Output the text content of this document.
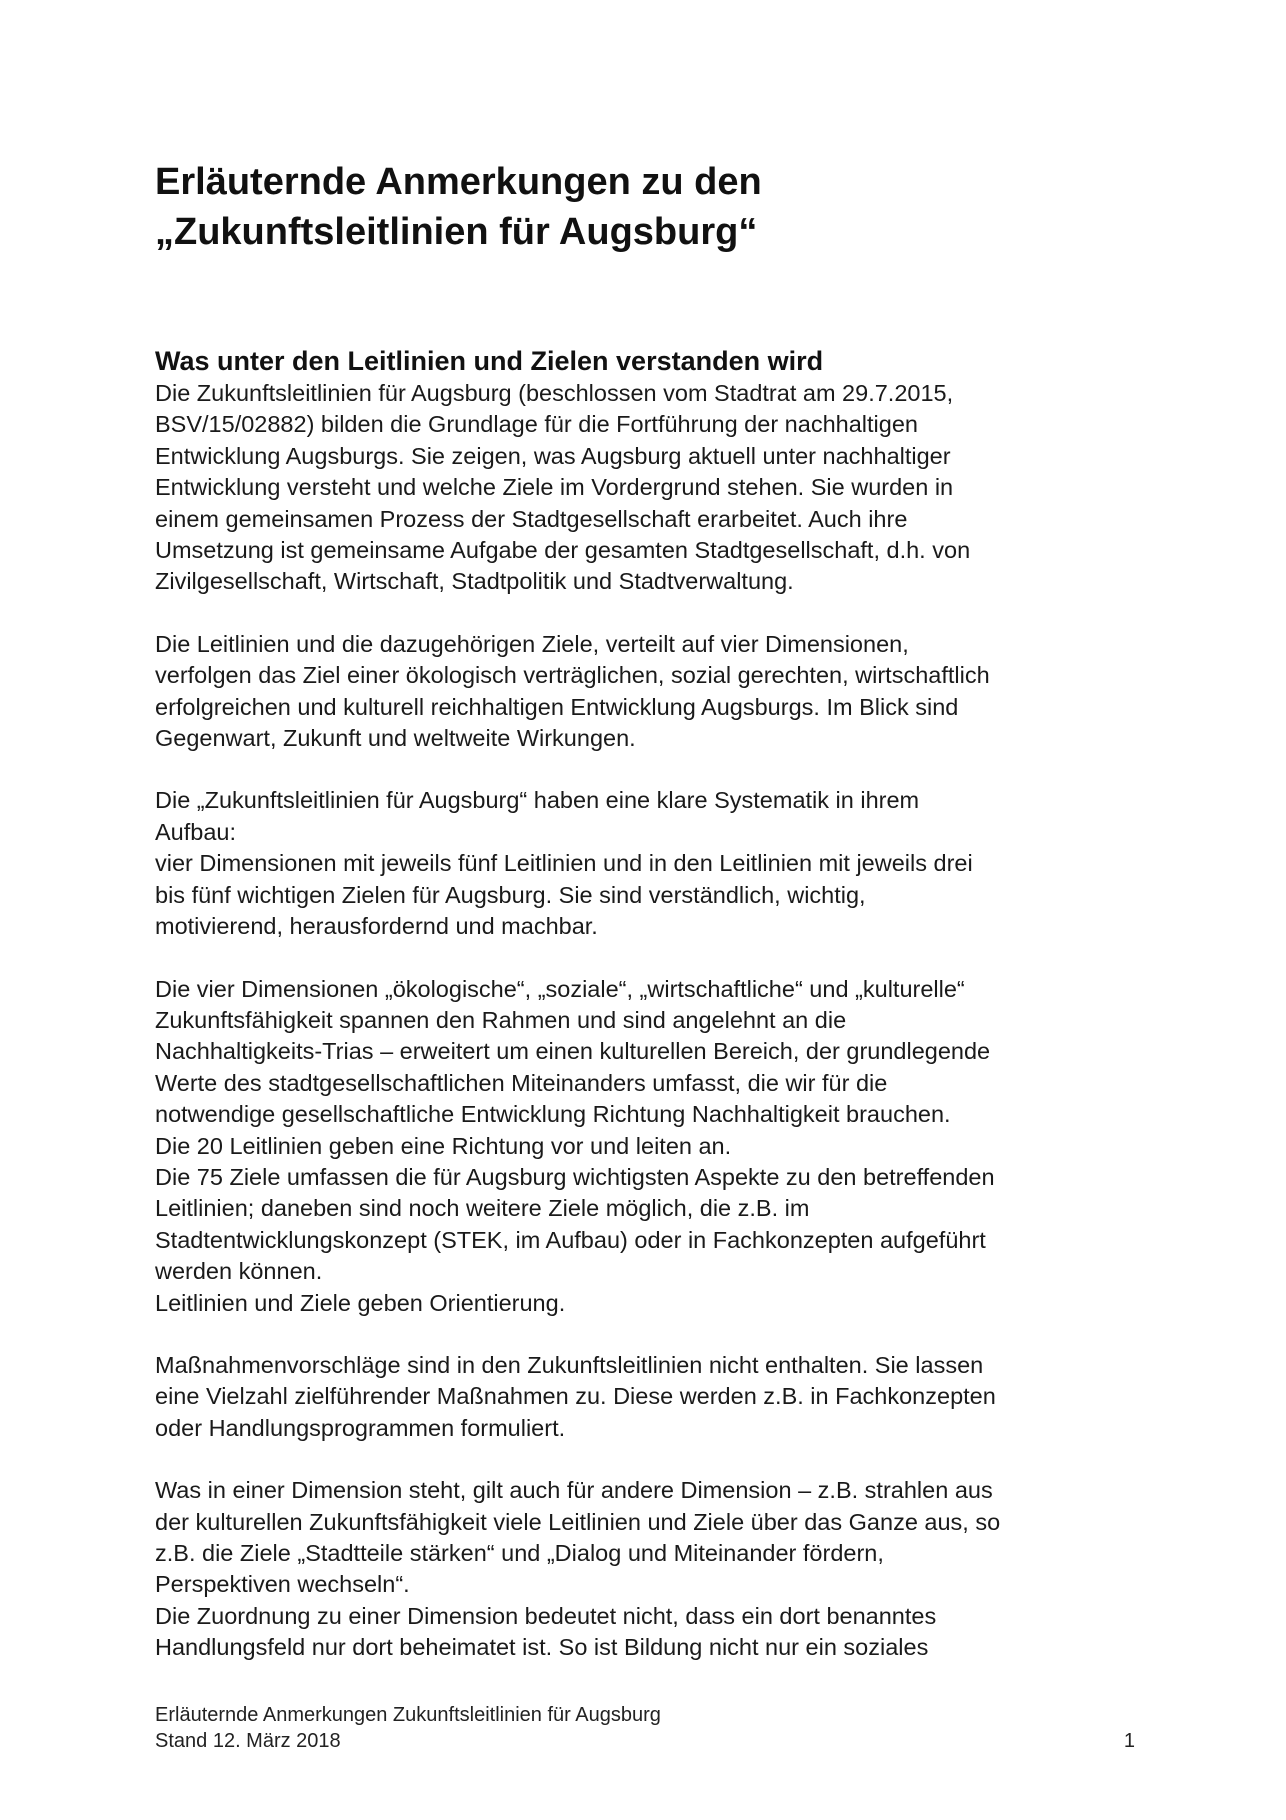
Erläuternde Anmerkungen zu den
„Zukunftsleitlinien für Augsburg“
Was unter den Leitlinien und Zielen verstanden wird
Die Zukunftsleitlinien für Augsburg (beschlossen vom Stadtrat am 29.7.2015,
BSV/15/02882) bilden die Grundlage für die Fortführung der nachhaltigen
Entwicklung Augsburgs. Sie zeigen, was Augsburg aktuell unter nachhaltiger
Entwicklung versteht und welche Ziele im Vordergrund stehen. Sie wurden in
einem gemeinsamen Prozess der Stadtgesellschaft erarbeitet. Auch ihre
Umsetzung ist gemeinsame Aufgabe der gesamten Stadtgesellschaft, d.h. von
Zivilgesellschaft, Wirtschaft, Stadtpolitik und Stadtverwaltung.
Die Leitlinien und die dazugehörigen Ziele, verteilt auf vier Dimensionen,
verfolgen das Ziel einer ökologisch verträglichen, sozial gerechten, wirtschaftlich
erfolgreichen und kulturell reichhaltigen Entwicklung Augsburgs. Im Blick sind
Gegenwart, Zukunft und weltweite Wirkungen.
Die „Zukunftsleitlinien für Augsburg“ haben eine klare Systematik in ihrem
Aufbau:
vier Dimensionen mit jeweils fünf Leitlinien und in den Leitlinien mit jeweils drei
bis fünf wichtigen Zielen für Augsburg. Sie sind verständlich, wichtig,
motivierend, herausfordernd und machbar.
Die vier Dimensionen „ökologische“, „soziale“, „wirtschaftliche“ und „kulturelle“
Zukunftsfähigkeit spannen den Rahmen und sind angelehnt an die
Nachhaltigkeits-Trias – erweitert um einen kulturellen Bereich, der grundlegende
Werte des stadtgesellschaftlichen Miteinanders umfasst, die wir für die
notwendige gesellschaftliche Entwicklung Richtung Nachhaltigkeit brauchen.
Die 20 Leitlinien geben eine Richtung vor und leiten an.
Die 75 Ziele umfassen die für Augsburg wichtigsten Aspekte zu den betreffenden
Leitlinien; daneben sind noch weitere Ziele möglich, die z.B. im
Stadtentwicklungskonzept (STEK, im Aufbau) oder in Fachkonzepten aufgeführt
werden können.
Leitlinien und Ziele geben Orientierung.
Maßnahmenvorschläge sind in den Zukunftsleitlinien nicht enthalten. Sie lassen
eine Vielzahl zielführender Maßnahmen zu. Diese werden z.B. in Fachkonzepten
oder Handlungsprogrammen formuliert.
Was in einer Dimension steht, gilt auch für andere Dimension – z.B. strahlen aus
der kulturellen Zukunftsfähigkeit viele Leitlinien und Ziele über das Ganze aus, so
z.B. die Ziele „Stadtteile stärken“ und „Dialog und Miteinander fördern,
Perspektiven wechseln“.
Die Zuordnung zu einer Dimension bedeutet nicht, dass ein dort benanntes
Handlungsfeld nur dort beheimatet ist. So ist Bildung nicht nur ein soziales
Erläuternde Anmerkungen Zukunftsleitlinien für Augsburg
Stand 12. März 2018	1
